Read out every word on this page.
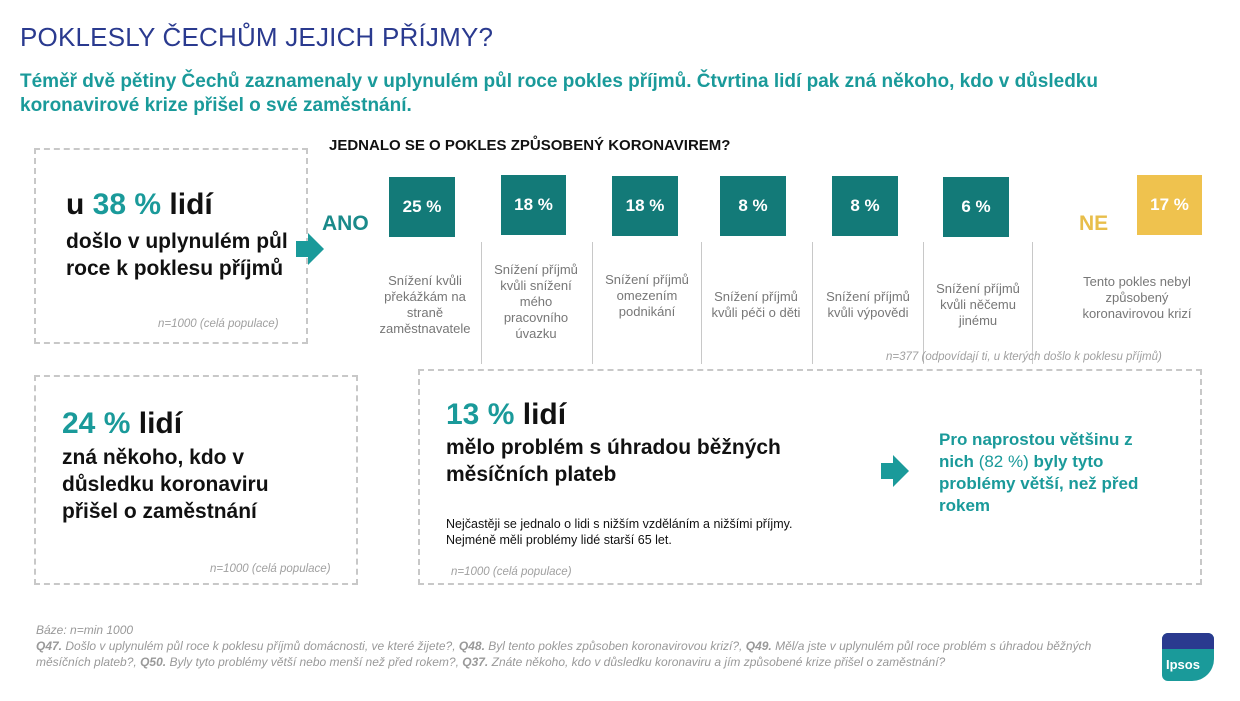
POKLESLY ČECHŮM JEJICH PŘÍJMY?
Téměř dvě pětiny Čechů zaznamenaly v uplynulém půl roce pokles příjmů. Čtvrtina lidí pak zná někoho, kdo v důsledku koronavirové krize přišel o své zaměstnání.
u 38 % lidí
došlo v uplynulém půl roce k poklesu příjmů
n=1000 (celá populace)
JEDNALO SE O POKLES ZPŮSOBENÝ KORONAVIREM?
ANO	NE
25 %	18 %	18 %	8 %	8 %	6 %	17 %
Snížení kvůli překážkám na straně zaměstnavatele
Snížení příjmů kvůli snížení mého pracovního úvazku
Snížení příjmů omezením podnikání
Snížení příjmů kvůli péči o děti
Snížení příjmů kvůli výpovědi
Snížení příjmů kvůli něčemu jinému
Tento pokles nebyl způsobený koronavirovou krizí
n=377 (odpovídají ti, u kterých došlo k poklesu příjmů)
24 % lidí
zná někoho, kdo v důsledku koronaviru přišel o zaměstnání
n=1000 (celá populace)
13 % lidí
mělo problém s úhradou běžných měsíčních plateb
Nejčastěji se jednalo o lidi s nižším vzděláním a nižšími příjmy.
Nejméně měli problémy lidé starší 65 let.
n=1000 (celá populace)
Pro naprostou většinu z nich (82 %) byly tyto problémy větší, než před rokem
Báze: n=min 1000
Q47. Došlo v uplynulém půl roce k poklesu příjmů domácnosti, ve které žijete?, Q48. Byl tento pokles způsoben koronavirovou krizí?, Q49. Měl/a jste v uplynulém půl roce problém s úhradou běžných měsíčních plateb?, Q50. Byly tyto problémy větší nebo menší než před rokem?, Q37. Znáte někoho, kdo v důsledku koronaviru a jím způsobené krize přišel o zaměstnání?	Ipsos
